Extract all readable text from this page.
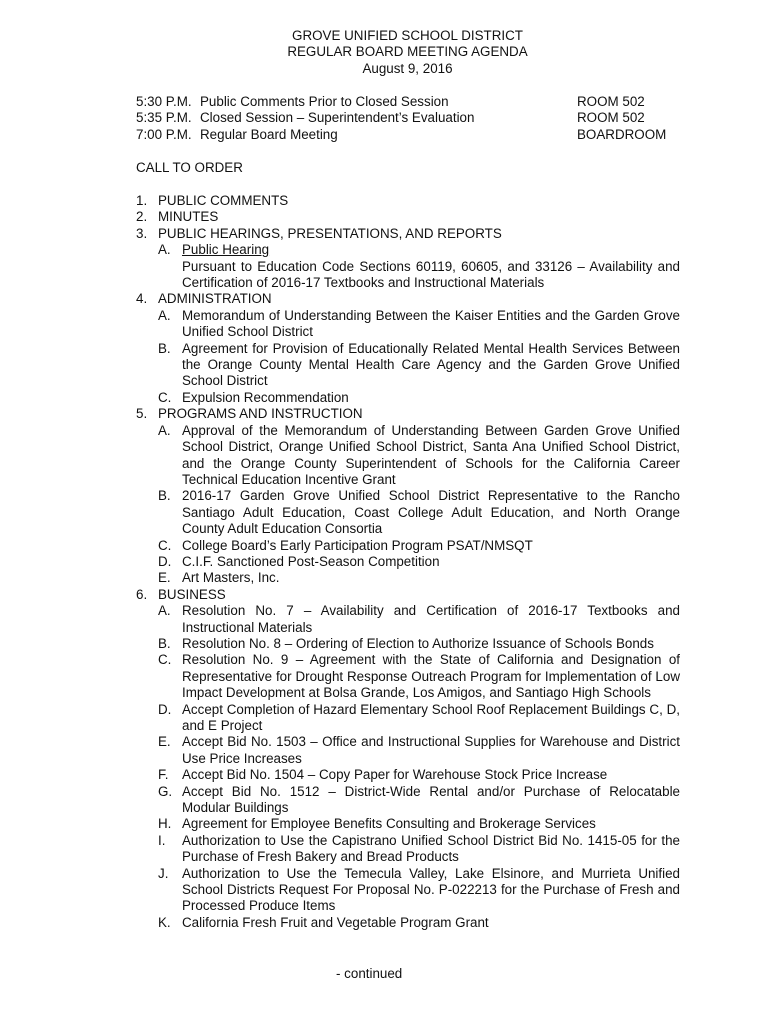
GROVE UNIFIED SCHOOL DISTRICT
REGULAR BOARD MEETING AGENDA
August 9, 2016
5:30 P.M. Public Comments Prior to Closed Session	ROOM 502
5:35 P.M. Closed Session – Superintendent’s Evaluation	ROOM 502
7:00 P.M. Regular Board Meeting	BOARDROOM
CALL TO ORDER
1. PUBLIC COMMENTS
2. MINUTES
3. PUBLIC HEARINGS, PRESENTATIONS, AND REPORTS
A. Public Hearing
Pursuant to Education Code Sections 60119, 60605, and 33126 – Availability and Certification of 2016-17 Textbooks and Instructional Materials
4. ADMINISTRATION
A. Memorandum of Understanding Between the Kaiser Entities and the Garden Grove Unified School District
B. Agreement for Provision of Educationally Related Mental Health Services Between the Orange County Mental Health Care Agency and the Garden Grove Unified School District
C. Expulsion Recommendation
5. PROGRAMS AND INSTRUCTION
A. Approval of the Memorandum of Understanding Between Garden Grove Unified School District, Orange Unified School District, Santa Ana Unified School District, and the Orange County Superintendent of Schools for the California Career Technical Education Incentive Grant
B. 2016-17 Garden Grove Unified School District Representative to the Rancho Santiago Adult Education, Coast College Adult Education, and North Orange County Adult Education Consortia
C. College Board’s Early Participation Program PSAT/NMSQT
D. C.I.F. Sanctioned Post-Season Competition
E. Art Masters, Inc.
6. BUSINESS
A. Resolution No. 7 – Availability and Certification of 2016-17 Textbooks and Instructional Materials
B. Resolution No. 8 – Ordering of Election to Authorize Issuance of Schools Bonds
C. Resolution No. 9 – Agreement with the State of California and Designation of Representative for Drought Response Outreach Program for Implementation of Low Impact Development at Bolsa Grande, Los Amigos, and Santiago High Schools
D. Accept Completion of Hazard Elementary School Roof Replacement Buildings C, D, and E Project
E. Accept Bid No. 1503 – Office and Instructional Supplies for Warehouse and District Use Price Increases
F. Accept Bid No. 1504 – Copy Paper for Warehouse Stock Price Increase
G. Accept Bid No. 1512 – District-Wide Rental and/or Purchase of Relocatable Modular Buildings
H. Agreement for Employee Benefits Consulting and Brokerage Services
I. Authorization to Use the Capistrano Unified School District Bid No. 1415-05 for the Purchase of Fresh Bakery and Bread Products
J. Authorization to Use the Temecula Valley, Lake Elsinore, and Murrieta Unified School Districts Request For Proposal No. P-022213 for the Purchase of Fresh and Processed Produce Items
K. California Fresh Fruit and Vegetable Program Grant
- continued
